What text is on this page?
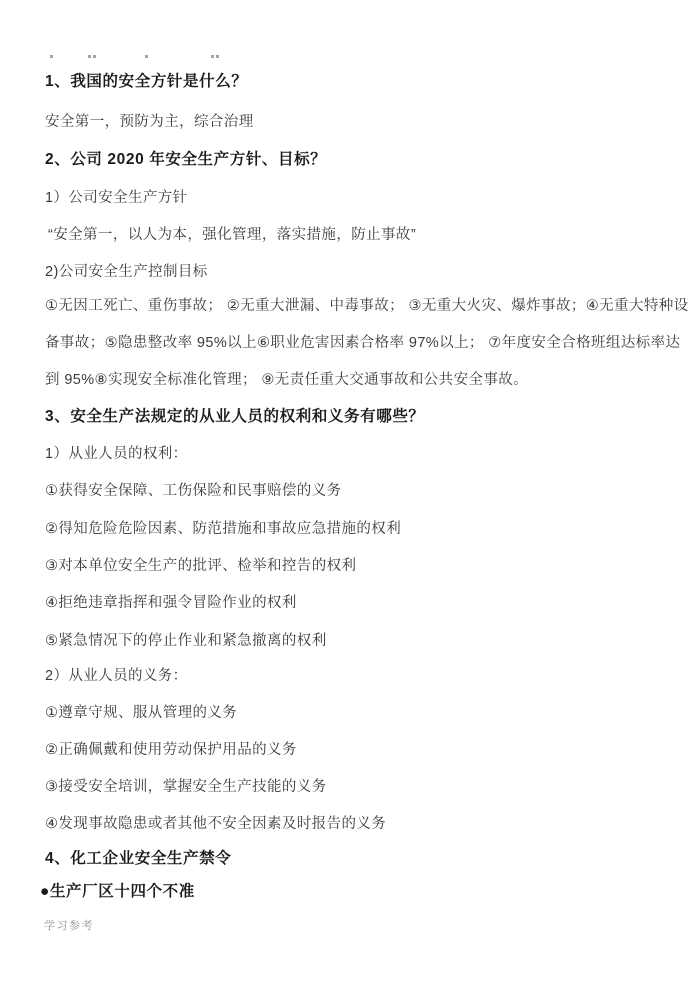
1、我国的安全方针是什么？
安全第一，预防为主，综合治理
2、公司 2020 年安全生产方针、目标？
1）公司安全生产方针
“安全第一，以人为本，强化管理，落实措施，防止事故”
2)公司安全生产控制目标
①无因工死亡、重伤事故； ②无重大泄漏、中毒事故； ③无重大火灾、爆炸事故；④无重大特种设
备事故；⑤隐患整改率 95%以上⑥职业危害因素合格率 97%以上； ⑦年度安全合格班组达标率达
到 95%⑧实现安全标准化管理； ⑨无责任重大交通事故和公共安全事故。
3、安全生产法规定的从业人员的权利和义务有哪些？
1）从业人员的权利：
①获得安全保障、工伤保险和民事赔偿的义务
②得知危险危险因素、防范措施和事故应急措施的权利
③对本单位安全生产的批评、检举和控告的权利
④拒绝违章指挥和强令冒险作业的权利
⑤紧急情况下的停止作业和紧急撤离的权利
2）从业人员的义务：
①遵章守规、服从管理的义务
②正确佩戴和使用劳动保护用品的义务
③接受安全培训，掌握安全生产技能的义务
④发现事故隐患或者其他不安全因素及时报告的义务
4、化工企业安全生产禁令
●生产厂区十四个不准
学习参考
